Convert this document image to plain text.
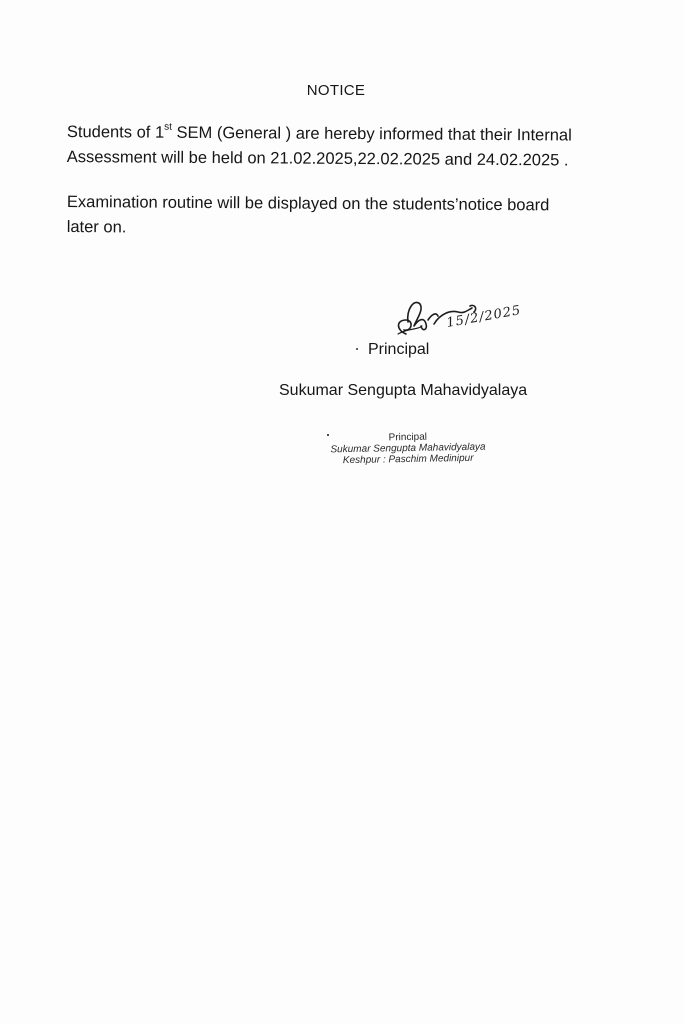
NOTICE
Students of 1st SEM (General ) are hereby informed that their Internal
Assessment will be held on 21.02.2025,22.02.2025 and 24.02.2025 .
Examination routine will be displayed on the students’notice board
later on.
Principal
15/2/2025
Sukumar Sengupta Mahavidyalaya
Principal
Sukumar Sengupta Mahavidyalaya
Keshpur : Paschim Medinipur
